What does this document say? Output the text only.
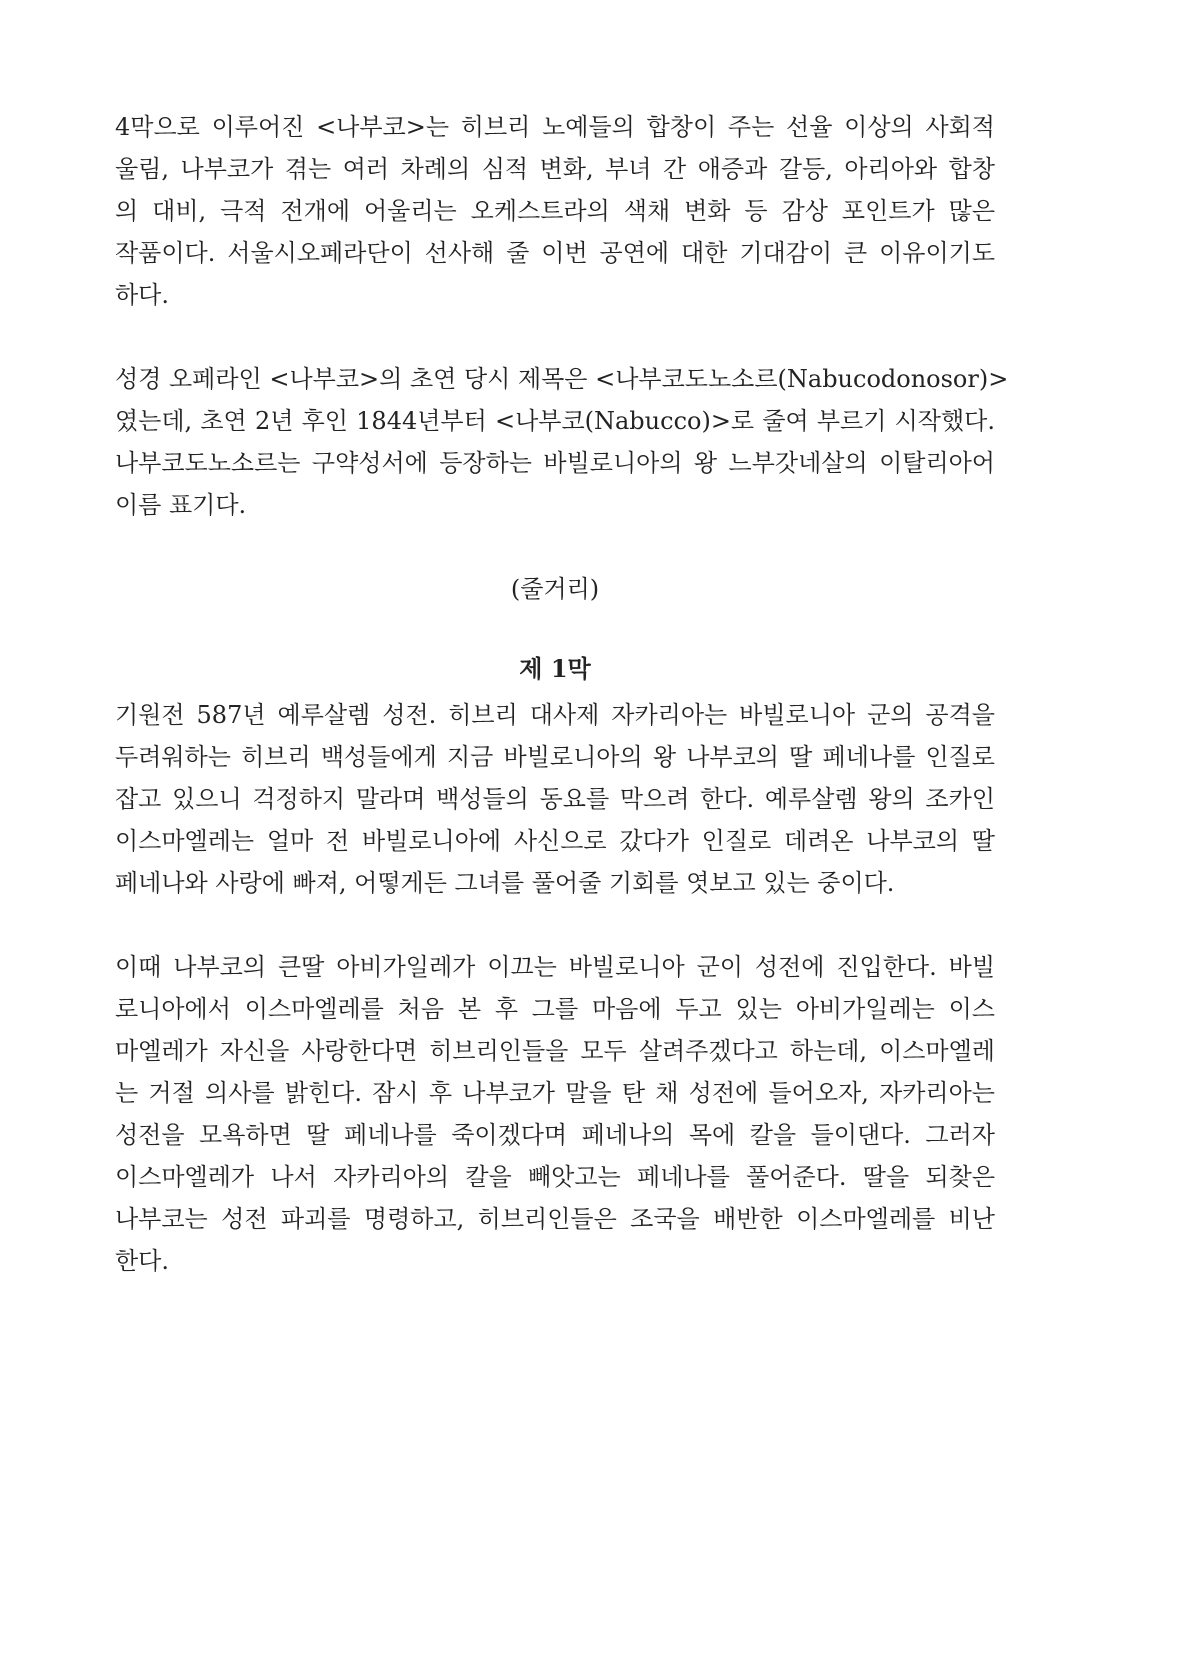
4막으로 이루어진 <나부코>는 히브리 노예들의 합창이 주는 선율 이상의 사회적
울림, 나부코가 겪는 여러 차례의 심적 변화, 부녀 간 애증과 갈등, 아리아와 합창
의 대비, 극적 전개에 어울리는 오케스트라의 색채 변화 등 감상 포인트가 많은
작품이다. 서울시오페라단이 선사해 줄 이번 공연에 대한 기대감이 큰 이유이기도
하다.
성경 오페라인 <나부코>의 초연 당시 제목은 <나부코도노소르(Nabucodonosor)>
였는데, 초연 2년 후인 1844년부터 <나부코(Nabucco)>로 줄여 부르기 시작했다.
나부코도노소르는 구약성서에 등장하는 바빌로니아의 왕 느부갓네살의 이탈리아어
이름 표기다.
(줄거리)
제 1막
기원전 587년 예루살렘 성전. 히브리 대사제 자카리아는 바빌로니아 군의 공격을
두려워하는 히브리 백성들에게 지금 바빌로니아의 왕 나부코의 딸 페네나를 인질로
잡고 있으니 걱정하지 말라며 백성들의 동요를 막으려 한다. 예루살렘 왕의 조카인
이스마엘레는 얼마 전 바빌로니아에 사신으로 갔다가 인질로 데려온 나부코의 딸
페네나와 사랑에 빠져, 어떻게든 그녀를 풀어줄 기회를 엿보고 있는 중이다.
이때 나부코의 큰딸 아비가일레가 이끄는 바빌로니아 군이 성전에 진입한다. 바빌
로니아에서 이스마엘레를 처음 본 후 그를 마음에 두고 있는 아비가일레는 이스
마엘레가 자신을 사랑한다면 히브리인들을 모두 살려주겠다고 하는데, 이스마엘레
는 거절 의사를 밝힌다. 잠시 후 나부코가 말을 탄 채 성전에 들어오자, 자카리아는
성전을 모욕하면 딸 페네나를 죽이겠다며 페네나의 목에 칼을 들이댄다. 그러자
이스마엘레가 나서 자카리아의 칼을 빼앗고는 페네나를 풀어준다. 딸을 되찾은
나부코는 성전 파괴를 명령하고, 히브리인들은 조국을 배반한 이스마엘레를 비난
한다.
